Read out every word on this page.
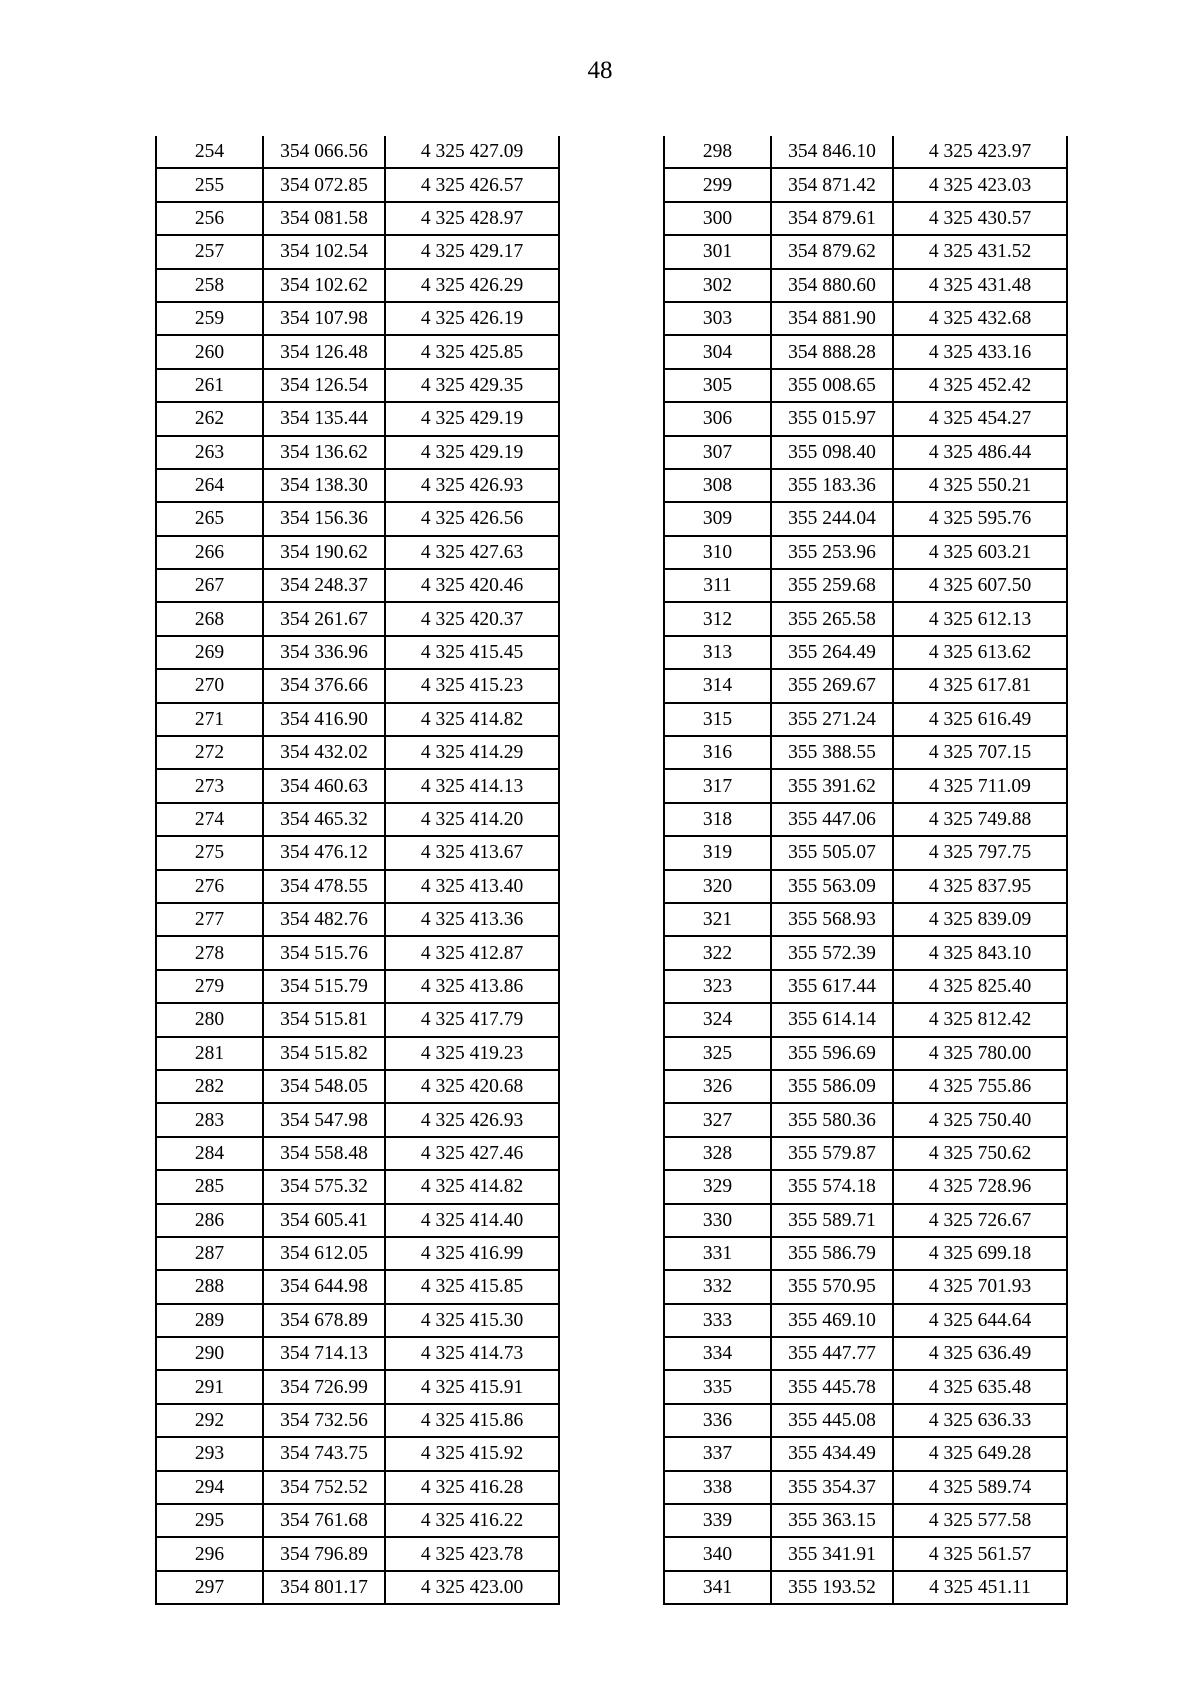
48
254	354 066.56	4 325 427.09
255	354 072.85	4 325 426.57
256	354 081.58	4 325 428.97
257	354 102.54	4 325 429.17
258	354 102.62	4 325 426.29
259	354 107.98	4 325 426.19
260	354 126.48	4 325 425.85
261	354 126.54	4 325 429.35
262	354 135.44	4 325 429.19
263	354 136.62	4 325 429.19
264	354 138.30	4 325 426.93
265	354 156.36	4 325 426.56
266	354 190.62	4 325 427.63
267	354 248.37	4 325 420.46
268	354 261.67	4 325 420.37
269	354 336.96	4 325 415.45
270	354 376.66	4 325 415.23
271	354 416.90	4 325 414.82
272	354 432.02	4 325 414.29
273	354 460.63	4 325 414.13
274	354 465.32	4 325 414.20
275	354 476.12	4 325 413.67
276	354 478.55	4 325 413.40
277	354 482.76	4 325 413.36
278	354 515.76	4 325 412.87
279	354 515.79	4 325 413.86
280	354 515.81	4 325 417.79
281	354 515.82	4 325 419.23
282	354 548.05	4 325 420.68
283	354 547.98	4 325 426.93
284	354 558.48	4 325 427.46
285	354 575.32	4 325 414.82
286	354 605.41	4 325 414.40
287	354 612.05	4 325 416.99
288	354 644.98	4 325 415.85
289	354 678.89	4 325 415.30
290	354 714.13	4 325 414.73
291	354 726.99	4 325 415.91
292	354 732.56	4 325 415.86
293	354 743.75	4 325 415.92
294	354 752.52	4 325 416.28
295	354 761.68	4 325 416.22
296	354 796.89	4 325 423.78
297	354 801.17	4 325 423.00
298	354 846.10	4 325 423.97
299	354 871.42	4 325 423.03
300	354 879.61	4 325 430.57
301	354 879.62	4 325 431.52
302	354 880.60	4 325 431.48
303	354 881.90	4 325 432.68
304	354 888.28	4 325 433.16
305	355 008.65	4 325 452.42
306	355 015.97	4 325 454.27
307	355 098.40	4 325 486.44
308	355 183.36	4 325 550.21
309	355 244.04	4 325 595.76
310	355 253.96	4 325 603.21
311	355 259.68	4 325 607.50
312	355 265.58	4 325 612.13
313	355 264.49	4 325 613.62
314	355 269.67	4 325 617.81
315	355 271.24	4 325 616.49
316	355 388.55	4 325 707.15
317	355 391.62	4 325 711.09
318	355 447.06	4 325 749.88
319	355 505.07	4 325 797.75
320	355 563.09	4 325 837.95
321	355 568.93	4 325 839.09
322	355 572.39	4 325 843.10
323	355 617.44	4 325 825.40
324	355 614.14	4 325 812.42
325	355 596.69	4 325 780.00
326	355 586.09	4 325 755.86
327	355 580.36	4 325 750.40
328	355 579.87	4 325 750.62
329	355 574.18	4 325 728.96
330	355 589.71	4 325 726.67
331	355 586.79	4 325 699.18
332	355 570.95	4 325 701.93
333	355 469.10	4 325 644.64
334	355 447.77	4 325 636.49
335	355 445.78	4 325 635.48
336	355 445.08	4 325 636.33
337	355 434.49	4 325 649.28
338	355 354.37	4 325 589.74
339	355 363.15	4 325 577.58
340	355 341.91	4 325 561.57
341	355 193.52	4 325 451.11
